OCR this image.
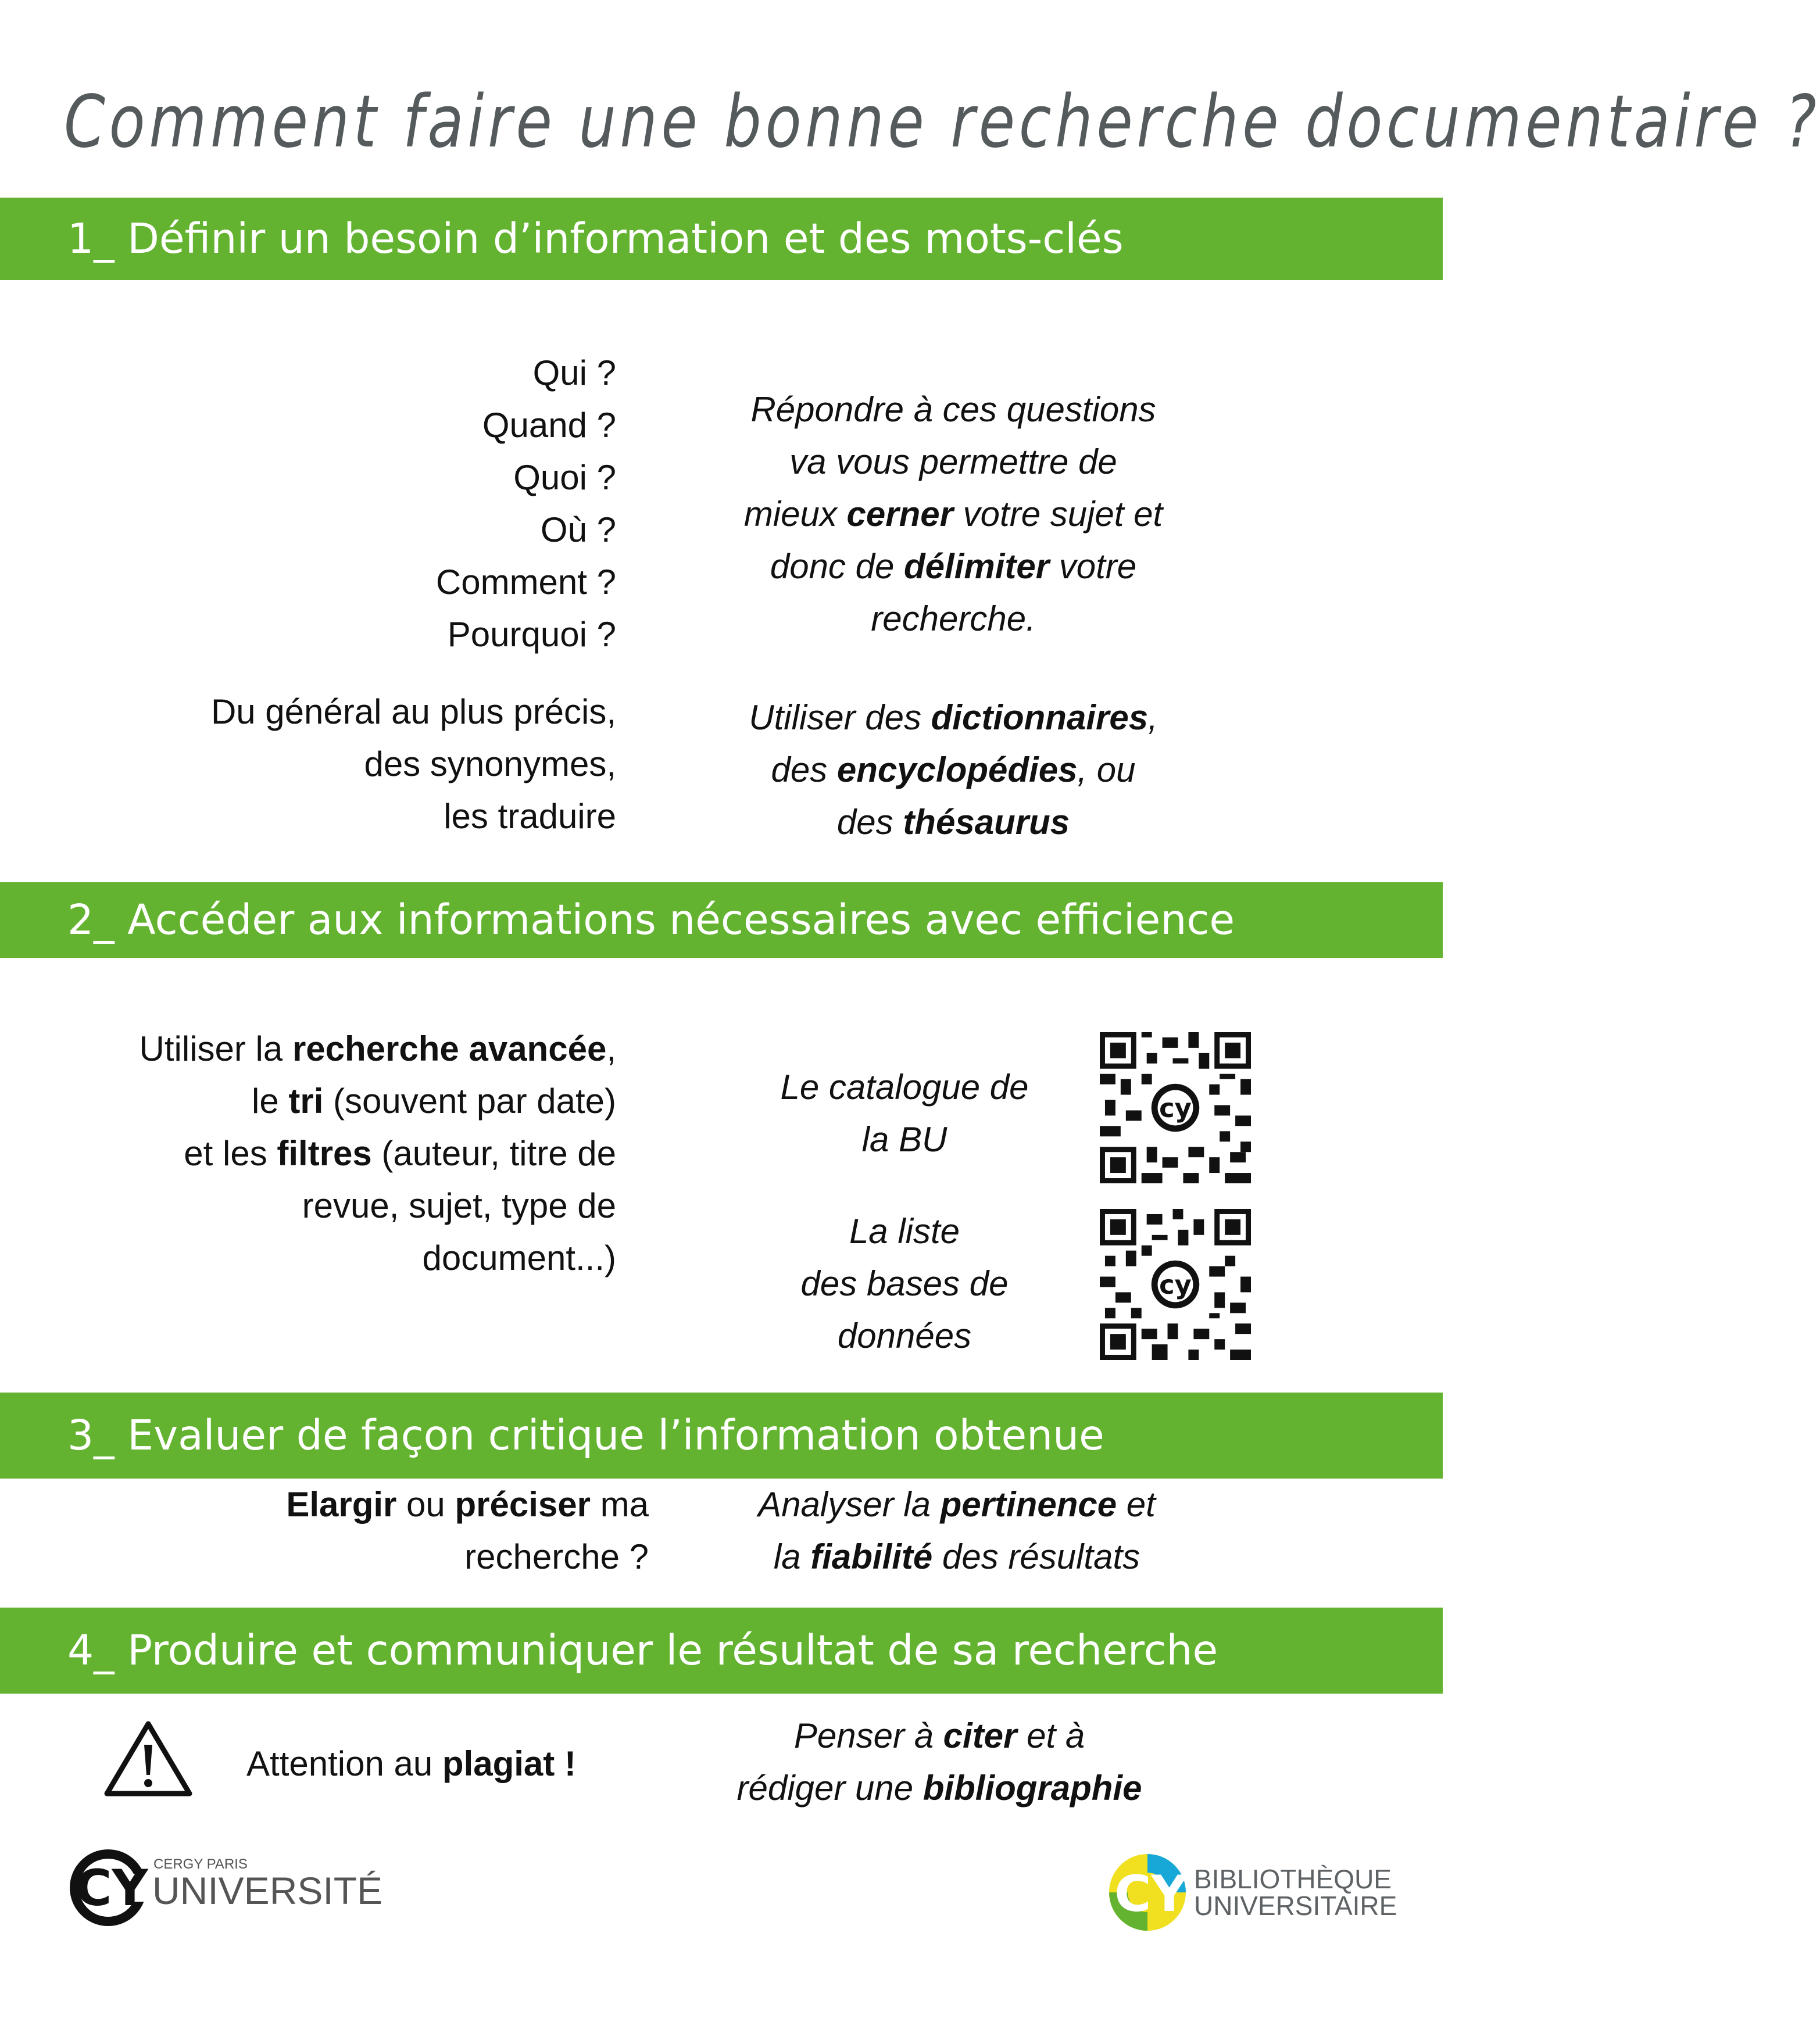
Comment faire une bonne recherche documentaire ?
1_ Définir un besoin d’information et des mots-clés
Qui ?
Quand ?
Quoi ?
Où ?
Comment ?
Pourquoi ?
Répondre à ces questions
va vous permettre de
mieux cerner votre sujet et
donc de délimiter votre
recherche.
Du général au plus précis,
des synonymes,
les traduire
Utiliser des dictionnaires,
des encyclopédies, ou
des thésaurus
2_ Accéder aux informations nécessaires avec efficience
Utiliser la recherche avancée,
le tri (souvent par date)
et les filtres (auteur, titre de
revue, sujet, type de
document...)
Le catalogue de
la BU
La liste
des bases de
données
cy
cy
3_ Evaluer de façon critique l’information obtenue
Elargir ou préciser ma
recherche ?
Analyser la pertinence et
la fiabilité des résultats
4_ Produire et communiquer le résultat de sa recherche
Attention au plagiat !
Penser à citer et à
rédiger une bibliographie
CY CERGY PARIS
UNIVERSITÉ	CY BIBLIOTHÈQUE
UNIVERSITAIRE
